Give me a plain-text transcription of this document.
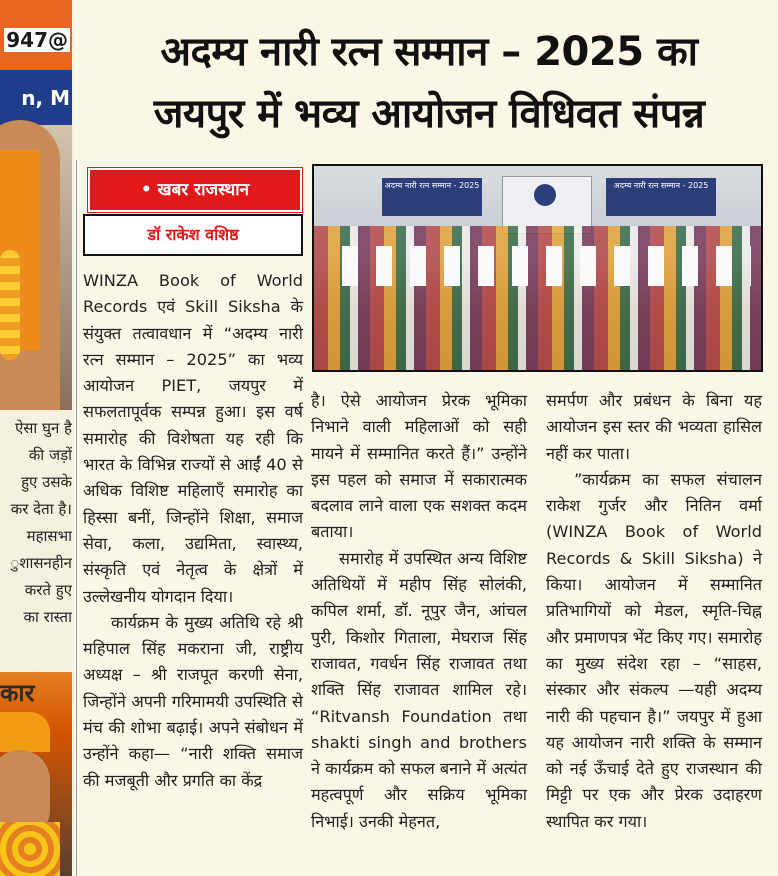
947@
n, M
ऐसा घुन है
की जड़ों
हुए उसके
कर देता है।
महासभा
ुशासनहीन
करते हुए
का रास्ता
कार
अदम्य नारी रत्न सम्मान – 2025 का
जयपुर में भव्य आयोजन विधिवत संपन्न
• खबर राजस्थान
डॉ राकेश वशिष्ठ
अदम्य नारी रत्न सम्मान - 2025	अदम्य नारी रत्न सम्मान - 2025

WINZA Book of World Records एवं Skill Siksha के संयुक्त तत्वावधान में “अदम्य नारी रत्न सम्मान – 2025” का भव्य आयोजन PIET, जयपुर में सफलतापूर्वक सम्पन्न हुआ। इस वर्ष समारोह की विशेषता यह रही कि भारत के विभिन्न राज्यों से आईं 40 से अधिक विशिष्ट महिलाएँ समारोह का हिस्सा बनीं, जिन्होंने शिक्षा, समाज सेवा, कला, उद्यमिता, स्वास्थ्य, संस्कृति एवं नेतृत्व के क्षेत्रों में उल्लेखनीय योगदान दिया।

कार्यक्रम के मुख्य अतिथि रहे श्री महिपाल सिंह मकराना जी, राष्ट्रीय अध्यक्ष – श्री राजपूत करणी सेना, जिन्होंने अपनी गरिमामयी उपस्थिति से मंच की शोभा बढ़ाई। अपने संबोधन में उन्होंने कहा— “नारी शक्ति समाज की मजबूती और प्रगति का केंद्र

है। ऐसे आयोजन प्रेरक भूमिका निभाने वाली महिलाओं को सही मायने में सम्मानित करते हैं।” उन्होंने इस पहल को समाज में सकारात्मक बदलाव लाने वाला एक सशक्त कदम बताया।

समारोह में उपस्थित अन्य विशिष्ट अतिथियों में महीप सिंह सोलंकी, कपिल शर्मा, डॉ. नूपुर जैन, आंचल पुरी, किशोर गिताला, मेघराज सिंह राजावत, गवर्धन सिंह राजावत तथा शक्ति सिंह राजावत शामिल रहे। “Ritvansh Foundation तथा shakti singh and brothers ने कार्यक्रम को सफल बनाने में अत्यंत महत्वपूर्ण और सक्रिय भूमिका निभाई। उनकी मेहनत,

समर्पण और प्रबंधन के बिना यह आयोजन इस स्तर की भव्यता हासिल नहीं कर पाता।

”कार्यक्रम का सफल संचालन राकेश गुर्जर और नितिन वर्मा (WINZA Book of World Records & Skill Siksha) ने किया। आयोजन में सम्मानित प्रतिभागियों को मेडल, स्मृति-चिह्न और प्रमाणपत्र भेंट किए गए। समारोह का मुख्य संदेश रहा – “साहस, संस्कार और संकल्प —यही अदम्य नारी की पहचान है।” जयपुर में हुआ यह आयोजन नारी शक्ति के सम्मान को नई ऊँचाई देते हुए राजस्थान की मिट्टी पर एक और प्रेरक उदाहरण स्थापित कर गया।
